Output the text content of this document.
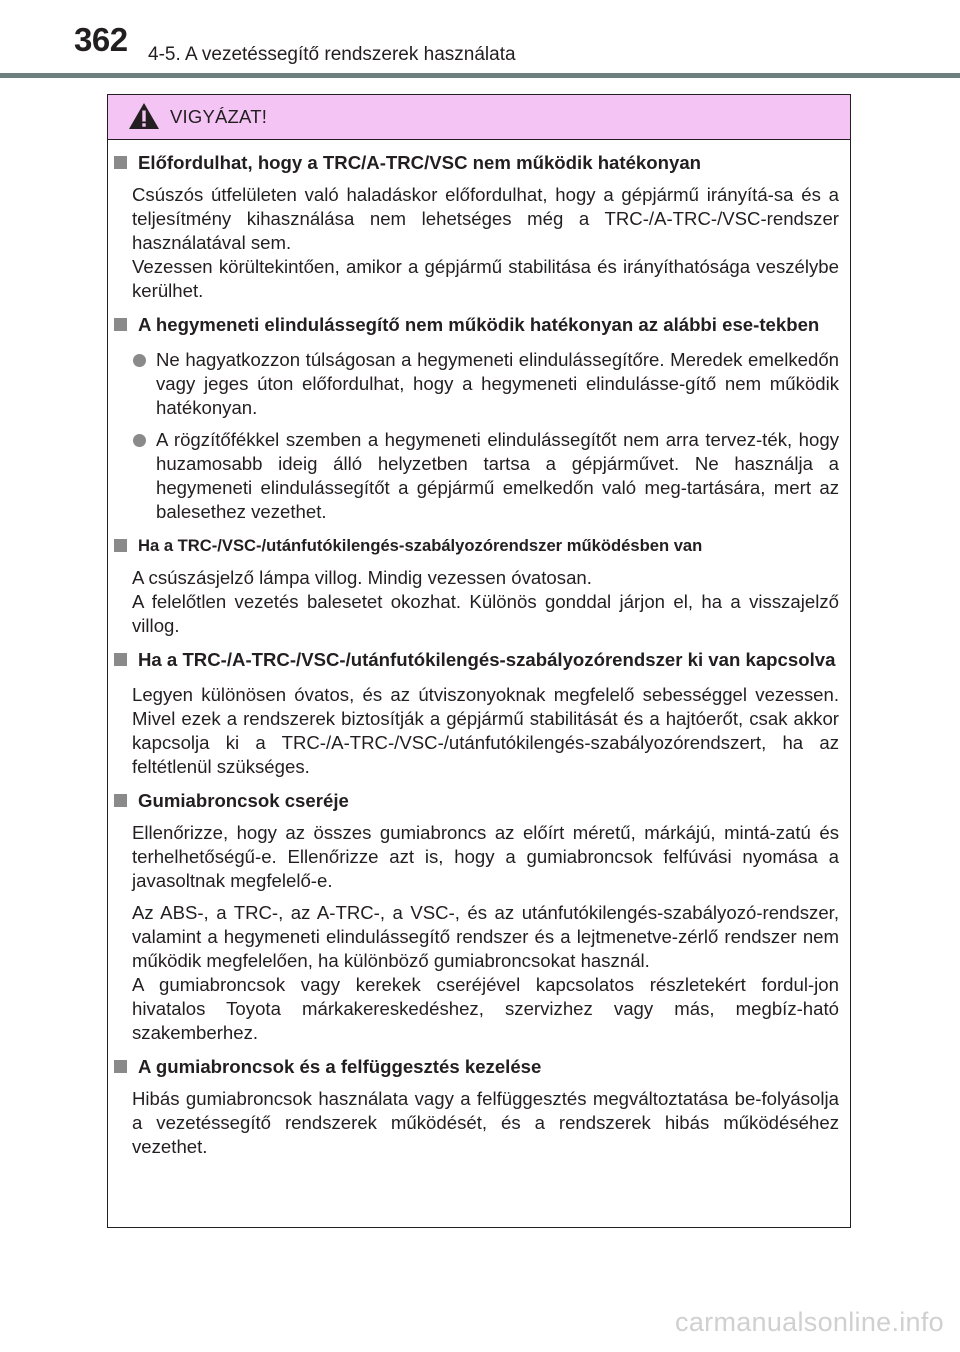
362 4-5. A vezetéssegítő rendszerek használata
VIGYÁZAT!
Előfordulhat, hogy a TRC/A-TRC/VSC nem működik hatékonyan
Csúszós útfelületen való haladáskor előfordulhat, hogy a gépjármű irányítá-sa és a teljesítmény kihasználása nem lehetséges még a TRC-/A-TRC-/VSC-rendszer használatával sem.
Vezessen körültekintően, amikor a gépjármű stabilitása és irányíthatósága veszélybe kerülhet.
A hegymeneti elindulássegítő nem működik hatékonyan az alábbi ese-tekben
Ne hagyatkozzon túlságosan a hegymeneti elindulássegítőre. Meredek emelkedőn vagy jeges úton előfordulhat, hogy a hegymeneti elindulásse-gítő nem működik hatékonyan.
A rögzítőfékkel szemben a hegymeneti elindulássegítőt nem arra tervez-ték, hogy huzamosabb ideig álló helyzetben tartsa a gépjárművet. Ne használja a hegymeneti elindulássegítőt a gépjármű emelkedőn való meg-tartására, mert az balesethez vezethet.
Ha a TRC-/VSC-/utánfutókilengés-szabályozórendszer működésben van
A csúszásjelző lámpa villog. Mindig vezessen óvatosan.
A felelőtlen vezetés balesetet okozhat. Különös gonddal járjon el, ha a visszajelző villog.
Ha a TRC-/A-TRC-/VSC-/utánfutókilengés-szabályozórendszer ki van kapcsolva
Legyen különösen óvatos, és az útviszonyoknak megfelelő sebességgel vezessen. Mivel ezek a rendszerek biztosítják a gépjármű stabilitását és a hajtóerőt, csak akkor kapcsolja ki a TRC-/A-TRC-/VSC-/utánfutókilengés-szabályozórendszert, ha az feltétlenül szükséges.
Gumiabroncsok cseréje
Ellenőrizze, hogy az összes gumiabroncs az előírt méretű, márkájú, mintá-zatú és terhelhetőségű-e. Ellenőrizze azt is, hogy a gumiabroncsok felfúvási nyomása a javasoltnak megfelelő-e.
Az ABS-, a TRC-, az A-TRC-, a VSC-, és az utánfutókilengés-szabályozó-rendszer, valamint a hegymeneti elindulássegítő rendszer és a lejtmenetve-zérlő rendszer nem működik megfelelően, ha különböző gumiabroncsokat használ.
A gumiabroncsok vagy kerekek cseréjével kapcsolatos részletekért fordul-jon hivatalos Toyota márkakereskedéshez, szervizhez vagy más, megbíz-ható szakemberhez.
A gumiabroncsok és a felfüggesztés kezelése
Hibás gumiabroncsok használata vagy a felfüggesztés megváltoztatása be-folyásolja a vezetéssegítő rendszerek működését, és a rendszerek hibás működéséhez vezethet.
carmanualsonline.info
